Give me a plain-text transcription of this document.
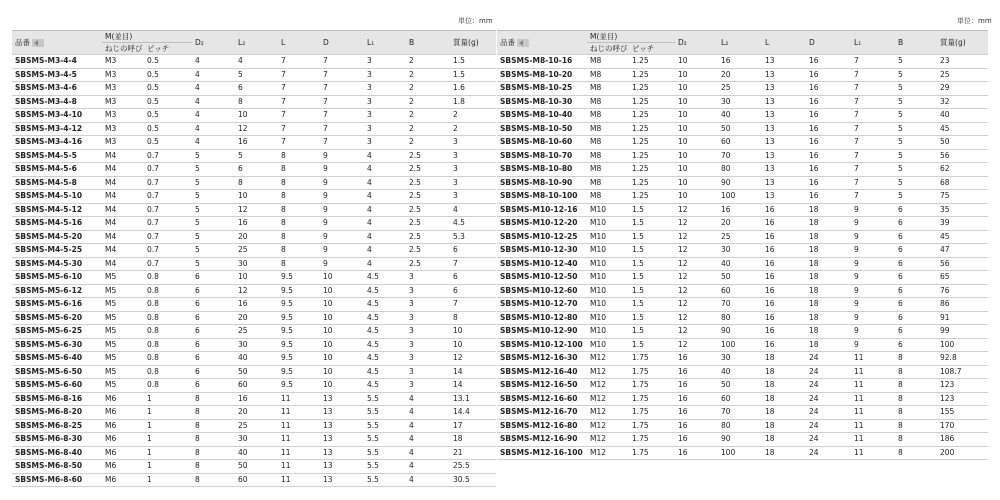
単位：mm	単位：mm
品番	M(並目)		D₂	L₂	L	D	L₁	B	質量(g)
	ねじの呼び	ピッチ							
SBSMS-M3-4-4	M3	0.5	4	4	7	7	3	2	1.5
SBSMS-M3-4-5	M3	0.5	4	5	7	7	3	2	1.5
SBSMS-M3-4-6	M3	0.5	4	6	7	7	3	2	1.6
SBSMS-M3-4-8	M3	0.5	4	8	7	7	3	2	1.8
SBSMS-M3-4-10	M3	0.5	4	10	7	7	3	2	2
SBSMS-M3-4-12	M3	0.5	4	12	7	7	3	2	2
SBSMS-M3-4-16	M3	0.5	4	16	7	7	3	2	3
SBSMS-M4-5-5	M4	0.7	5	5	8	9	4	2.5	3
SBSMS-M4-5-6	M4	0.7	5	6	8	9	4	2.5	3
SBSMS-M4-5-8	M4	0.7	5	8	8	9	4	2.5	3
SBSMS-M4-5-10	M4	0.7	5	10	8	9	4	2.5	3
SBSMS-M4-5-12	M4	0.7	5	12	8	9	4	2.5	4
SBSMS-M4-5-16	M4	0.7	5	16	8	9	4	2.5	4.5
SBSMS-M4-5-20	M4	0.7	5	20	8	9	4	2.5	5.3
SBSMS-M4-5-25	M4	0.7	5	25	8	9	4	2.5	6
SBSMS-M4-5-30	M4	0.7	5	30	8	9	4	2.5	7
SBSMS-M5-6-10	M5	0.8	6	10	9.5	10	4.5	3	6
SBSMS-M5-6-12	M5	0.8	6	12	9.5	10	4.5	3	6
SBSMS-M5-6-16	M5	0.8	6	16	9.5	10	4.5	3	7
SBSMS-M5-6-20	M5	0.8	6	20	9.5	10	4.5	3	8
SBSMS-M5-6-25	M5	0.8	6	25	9.5	10	4.5	3	10
SBSMS-M5-6-30	M5	0.8	6	30	9.5	10	4.5	3	10
SBSMS-M5-6-40	M5	0.8	6	40	9.5	10	4.5	3	12
SBSMS-M5-6-50	M5	0.8	6	50	9.5	10	4.5	3	14
SBSMS-M5-6-60	M5	0.8	6	60	9.5	10	4.5	3	14
SBSMS-M6-8-16	M6	1	8	16	11	13	5.5	4	13.1
SBSMS-M6-8-20	M6	1	8	20	11	13	5.5	4	14.4
SBSMS-M6-8-25	M6	1	8	25	11	13	5.5	4	17
SBSMS-M6-8-30	M6	1	8	30	11	13	5.5	4	18
SBSMS-M6-8-40	M6	1	8	40	11	13	5.5	4	21
SBSMS-M6-8-50	M6	1	8	50	11	13	5.5	4	25.5
SBSMS-M6-8-60	M6	1	8	60	11	13	5.5	4	30.5
品番	M(並目)		D₂	L₂	L	D	L₁	B	質量(g)
	ねじの呼び	ピッチ							
SBSMS-M8-10-16	M8	1.25	10	16	13	16	7	5	23
SBSMS-M8-10-20	M8	1.25	10	20	13	16	7	5	25
SBSMS-M8-10-25	M8	1.25	10	25	13	16	7	5	29
SBSMS-M8-10-30	M8	1.25	10	30	13	16	7	5	32
SBSMS-M8-10-40	M8	1.25	10	40	13	16	7	5	40
SBSMS-M8-10-50	M8	1.25	10	50	13	16	7	5	45
SBSMS-M8-10-60	M8	1.25	10	60	13	16	7	5	50
SBSMS-M8-10-70	M8	1.25	10	70	13	16	7	5	56
SBSMS-M8-10-80	M8	1.25	10	80	13	16	7	5	62
SBSMS-M8-10-90	M8	1.25	10	90	13	16	7	5	68
SBSMS-M8-10-100	M8	1.25	10	100	13	16	7	5	75
SBSMS-M10-12-16	M10	1.5	12	16	16	18	9	6	35
SBSMS-M10-12-20	M10	1.5	12	20	16	18	9	6	39
SBSMS-M10-12-25	M10	1.5	12	25	16	18	9	6	45
SBSMS-M10-12-30	M10	1.5	12	30	16	18	9	6	47
SBSMS-M10-12-40	M10	1.5	12	40	16	18	9	6	56
SBSMS-M10-12-50	M10	1.5	12	50	16	18	9	6	65
SBSMS-M10-12-60	M10	1.5	12	60	16	18	9	6	76
SBSMS-M10-12-70	M10	1.5	12	70	16	18	9	6	86
SBSMS-M10-12-80	M10	1.5	12	80	16	18	9	6	91
SBSMS-M10-12-90	M10	1.5	12	90	16	18	9	6	99
SBSMS-M10-12-100	M10	1.5	12	100	16	18	9	6	100
SBSMS-M12-16-30	M12	1.75	16	30	18	24	11	8	92.8
SBSMS-M12-16-40	M12	1.75	16	40	18	24	11	8	108.7
SBSMS-M12-16-50	M12	1.75	16	50	18	24	11	8	123
SBSMS-M12-16-60	M12	1.75	16	60	18	24	11	8	123
SBSMS-M12-16-70	M12	1.75	16	70	18	24	11	8	155
SBSMS-M12-16-80	M12	1.75	16	80	18	24	11	8	170
SBSMS-M12-16-90	M12	1.75	16	90	18	24	11	8	186
SBSMS-M12-16-100	M12	1.75	16	100	18	24	11	8	200
